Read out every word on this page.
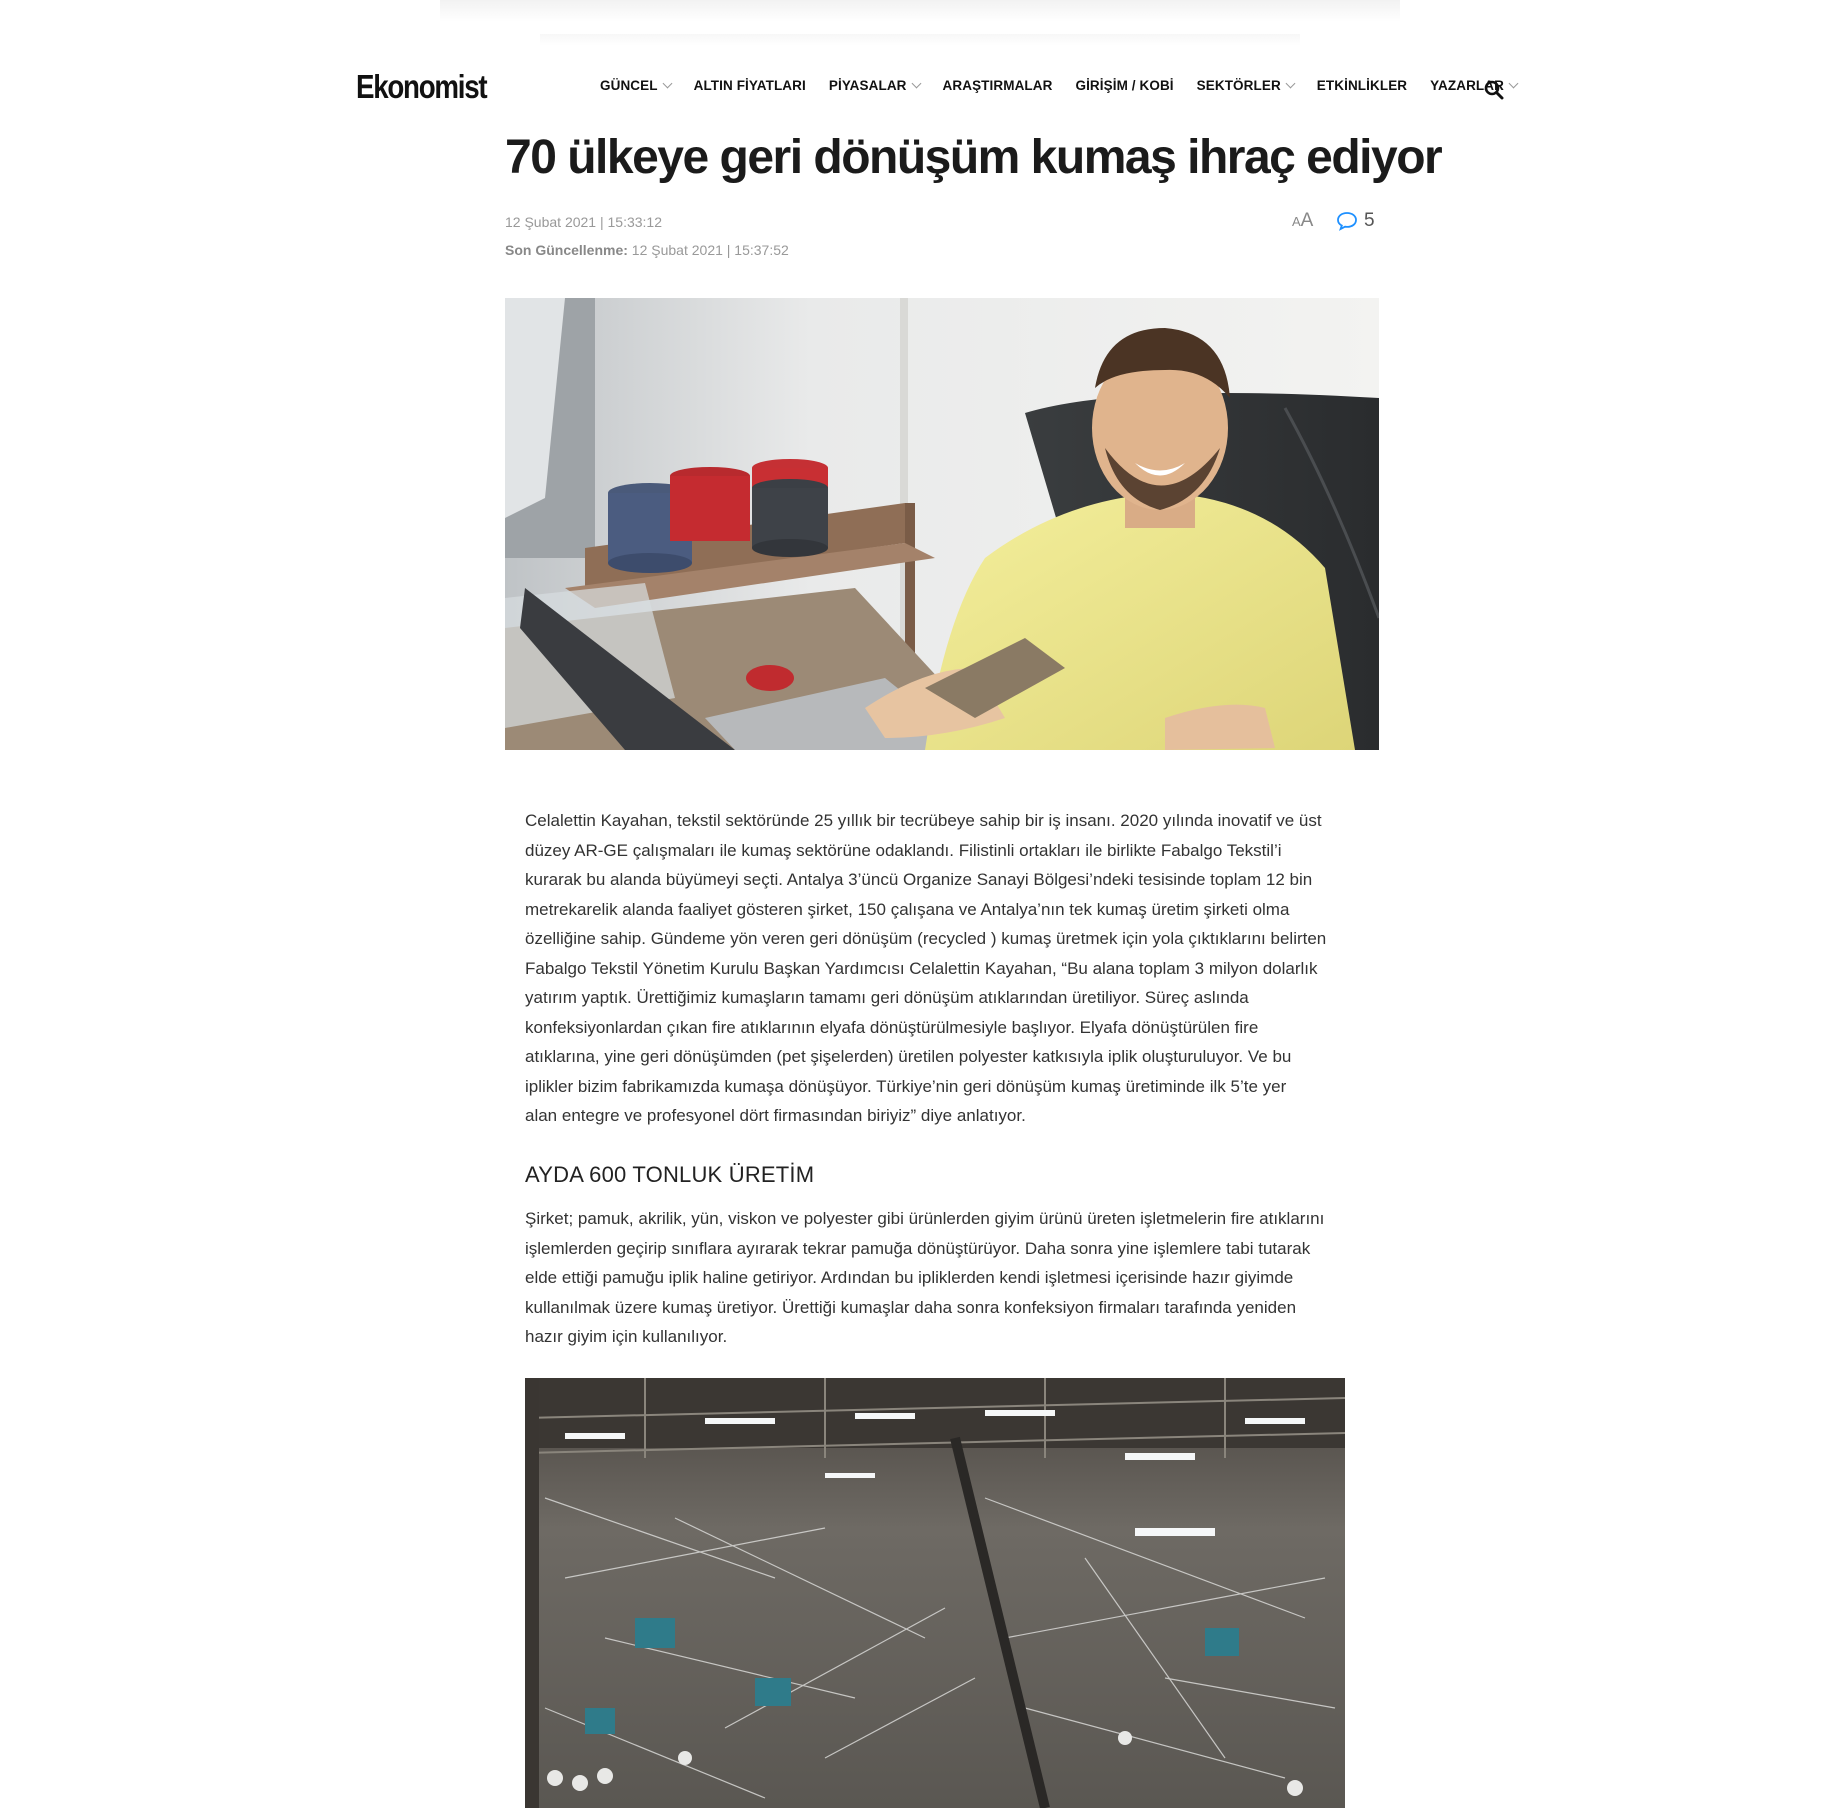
Ekonomist	GÜNCEL	ALTIN FİYATLARI PİYASALAR	ARAŞTIRMALAR GİRİŞİM / KOBİ SEKTÖRLER	ETKİNLİKLER YAZARLAR
70 ülkeye geri dönüşüm kumaş ihraç ediyor
12 Şubat 2021 | 15:33:12
Son Güncellenme: 12 Şubat 2021 | 15:37:52
AA	5
Celalettin Kayahan, tekstil sektöründe 25 yıllık bir tecrübeye sahip bir iş insanı. 2020 yılında inovatif ve üst
düzey AR-GE çalışmaları ile kumaş sektörüne odaklandı. Filistinli ortakları ile birlikte Fabalgo Tekstil’i
kurarak bu alanda büyümeyi seçti. Antalya 3’üncü Organize Sanayi Bölgesi’ndeki tesisinde toplam 12 bin
metrekarelik alanda faaliyet gösteren şirket, 150 çalışana ve Antalya’nın tek kumaş üretim şirketi olma
özelliğine sahip. Gündeme yön veren geri dönüşüm (recycled ) kumaş üretmek için yola çıktıklarını belirten
Fabalgo Tekstil Yönetim Kurulu Başkan Yardımcısı Celalettin Kayahan, “Bu alana toplam 3 milyon dolarlık
yatırım yaptık. Ürettiğimiz kumaşların tamamı geri dönüşüm atıklarından üretiliyor. Süreç aslında
konfeksiyonlardan çıkan fire atıklarının elyafa dönüştürülmesiyle başlıyor. Elyafa dönüştürülen fire
atıklarına, yine geri dönüşümden (pet şişelerden) üretilen polyester katkısıyla iplik oluşturuluyor. Ve bu
iplikler bizim fabrikamızda kumaşa dönüşüyor. Türkiye’nin geri dönüşüm kumaş üretiminde ilk 5’te yer
alan entegre ve profesyonel dört firmasından biriyiz” diye anlatıyor.
AYDA 600 TONLUK ÜRETİM
Şirket; pamuk, akrilik, yün, viskon ve polyester gibi ürünlerden giyim ürünü üreten işletmelerin fire atıklarını
işlemlerden geçirip sınıflara ayırarak tekrar pamuğa dönüştürüyor. Daha sonra yine işlemlere tabi tutarak
elde ettiği pamuğu iplik haline getiriyor. Ardından bu ipliklerden kendi işletmesi içerisinde hazır giyimde
kullanılmak üzere kumaş üretiyor. Ürettiği kumaşlar daha sonra konfeksiyon firmaları tarafında yeniden
hazır giyim için kullanılıyor.
